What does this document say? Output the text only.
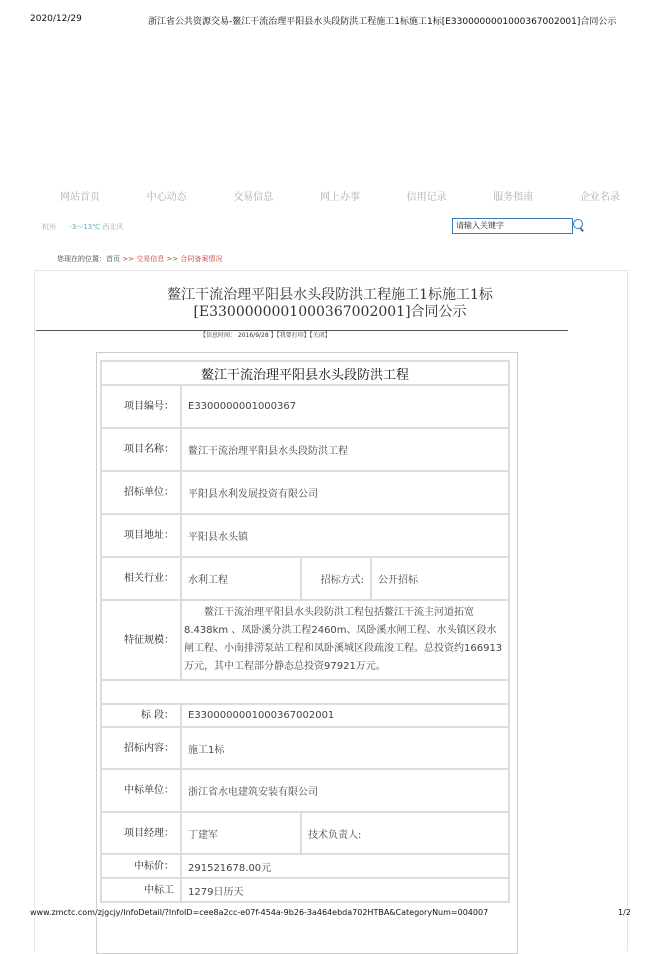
2020/12/29	浙江省公共资源交易-鳌江干流治理平阳县水头段防洪工程施工1标施工1标[E3300000001000367002001]合同公示
网站首页	中心动态	交易信息	网上办事	信用记录	服务指南	企业名录
杭州 -3～13℃ 西北风	请输入关键字
您现在的位置：首页 >> 交易信息 >> 合同备案情况
鳌江干流治理平阳县水头段防洪工程施工1标施工1标
[E3300000001000367002001]合同公示
【信息时间： 2016/9/28 】【我要打印】【关闭】
鳌江干流治理平阳县水头段防洪工程			
项目编号：	E3300000001000367		
项目名称：	鳌江干流治理平阳县水头段防洪工程		
招标单位：	平阳县水利发展投资有限公司		
项目地址：	平阳县水头镇		
相关行业：	水利工程	招标方式:	公开招标
特征规模：	鳌江干流治理平阳县水头段防洪工程包括鳌江干流主河道拓宽8.438km 、凤卧溪分洪工程2460m、凤卧溪水闸工程、水头镇区段水闸工程、小南排涝泵站工程和凤卧溪城区段疏浚工程。总投资约166913万元，其中工程部分静态总投资97921万元。		

标 段：	E3300000001000367002001		
招标内容：	施工1标		
中标单位：	浙江省水电建筑安装有限公司		
项目经理：	丁建军	技术负责人:	
中标价：	291521678.00元		
中标工	1279日历天		
www.zmctc.com/zjgcjy/InfoDetail/?InfoID=cee8a2cc-e07f-454a-9b26-3a464ebda702HTBA&CategoryNum=004007	1/2
